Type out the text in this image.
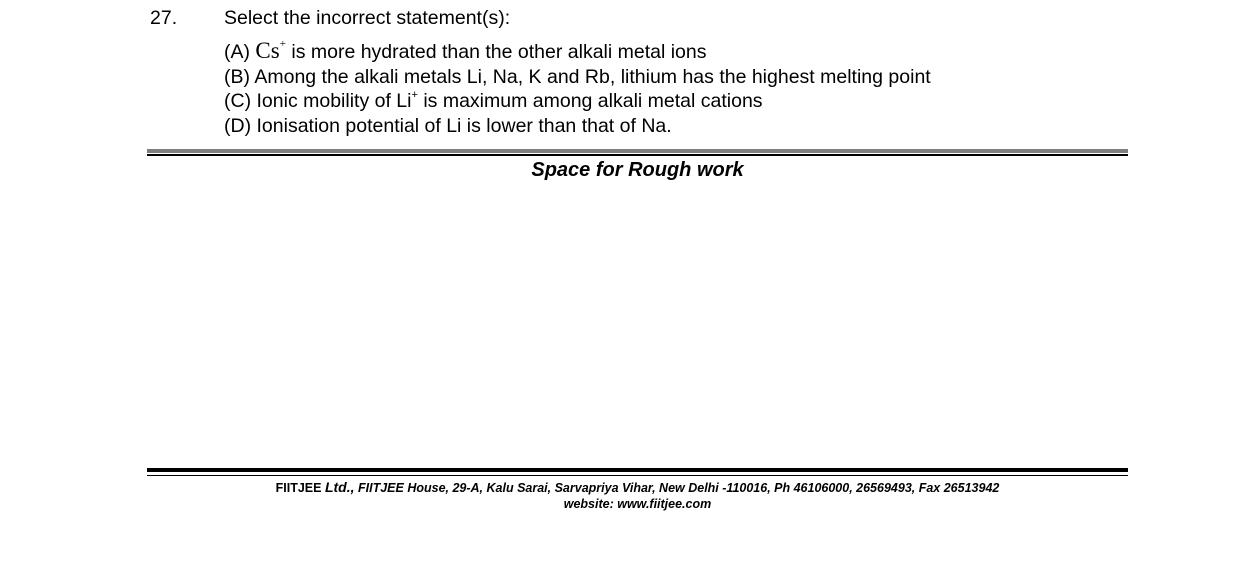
27.	Select the incorrect statement(s):
(A) Cs+ is more hydrated than the other alkali metal ions
(B) Among the alkali metals Li, Na, K and Rb, lithium has the highest melting point
(C) Ionic mobility of Li+ is maximum among alkali metal cations
(D) Ionisation potential of Li is lower than that of Na.
Space for Rough work
FIITJEE Ltd., FIITJEE House, 29-A, Kalu Sarai, Sarvapriya Vihar, New Delhi -110016, Ph 46106000, 26569493, Fax 26513942
website: www.fiitjee.com
